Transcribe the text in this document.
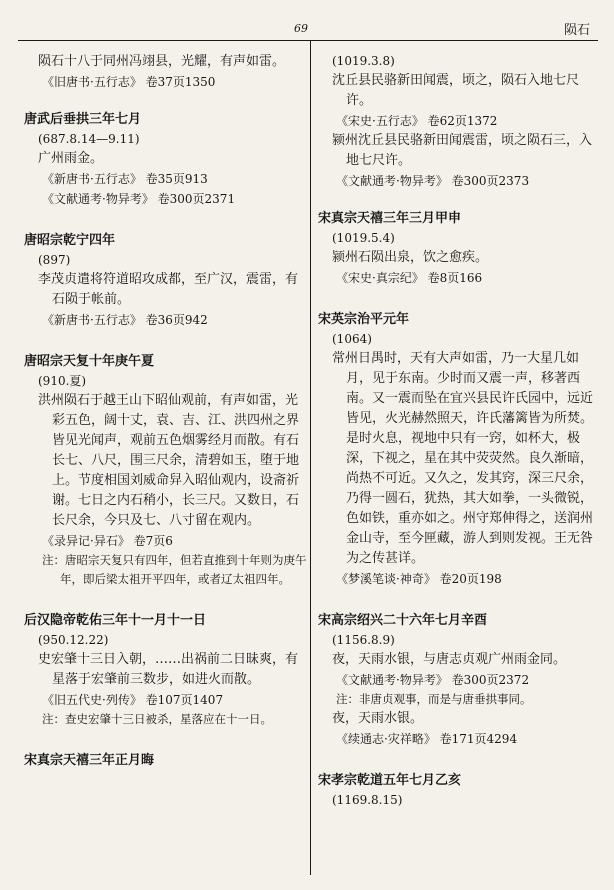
69	陨石
陨石十八于同州冯翊县，光耀，有声如雷。
《旧唐书·五行志》 卷37页1350
唐武后垂拱三年七月
(687.8.14—9.11)
广州雨金。
《新唐书·五行志》 卷35页913
《文献通考·物异考》 卷300页2371
唐昭宗乾宁四年
(897)
李茂贞遣将符道昭攻成都，至广汉，震雷，有石陨于帐前。
《新唐书·五行志》 卷36页942
唐昭宗天复十年庚午夏
(910.夏)
洪州陨石于越王山下昭仙观前，有声如雷，光彩五色，阔十丈，袁、吉、江、洪四州之界皆见光闻声，观前五色烟雾经月而散。有石长七、八尺，围三尺余，清碧如玉，堕于地上。节度相国刘威命舁入昭仙观内，设斋祈谢。七日之内石稍小，长三尺。又数日，石长尺余，今只及七、八寸留在观内。
《录异记·异石》 卷7页6
注：唐昭宗天复只有四年，但若直推到十年则为庚午年，即后梁太祖开平四年，或者辽太祖四年。
后汉隐帝乾佑三年十一月十一日
(950.12.22)
史宏肇十三日入朝，……出祸前二日昧爽，有星落于宏肇前三数步，如进火而散。
《旧五代史·列传》 卷107页1407
注：查史宏肇十三日被杀，星落应在十一日。
宋真宗天禧三年正月晦
(1019.3.8)
沈丘县民骆新田闻震，顷之，陨石入地七尺许。
《宋史·五行志》 卷62页1372
颍州沈丘县民骆新田闻震雷，顷之陨石三，入地七尺许。
《文献通考·物异考》 卷300页2373
宋真宗天禧三年三月甲申
(1019.5.4)
颍州石陨出泉，饮之愈疾。
《宋史·真宗纪》 卷8页166
宋英宗治平元年
(1064)
常州日禺时，天有大声如雷，乃一大星几如月，见于东南。少时而又震一声，移著西南。又一震而坠在宜兴县民许氏园中，远近皆见，火光赫然照天，许氏藩篱皆为所焚。是时火息，视地中只有一窍，如杯大，极深，下视之，星在其中荧荧然。良久渐暗，尚热不可近。又久之，发其窍，深三尺余，乃得一圆石，犹热，其大如拳，一头微锐，色如铁，重亦如之。州守郑伸得之，送润州金山寺，至今匣藏，游人到则发视。王无咎为之传甚详。
《梦溪笔谈·神奇》 卷20页198
宋高宗绍兴二十六年七月辛酉
(1156.8.9)
夜，天雨水银，与唐志贞观广州雨金同。
《文献通考·物异考》 卷300页2372
注：非唐贞观事，而是与唐垂拱事同。
夜，天雨水银。
《续通志·灾祥略》 卷171页4294
宋孝宗乾道五年七月乙亥
(1169.8.15)
